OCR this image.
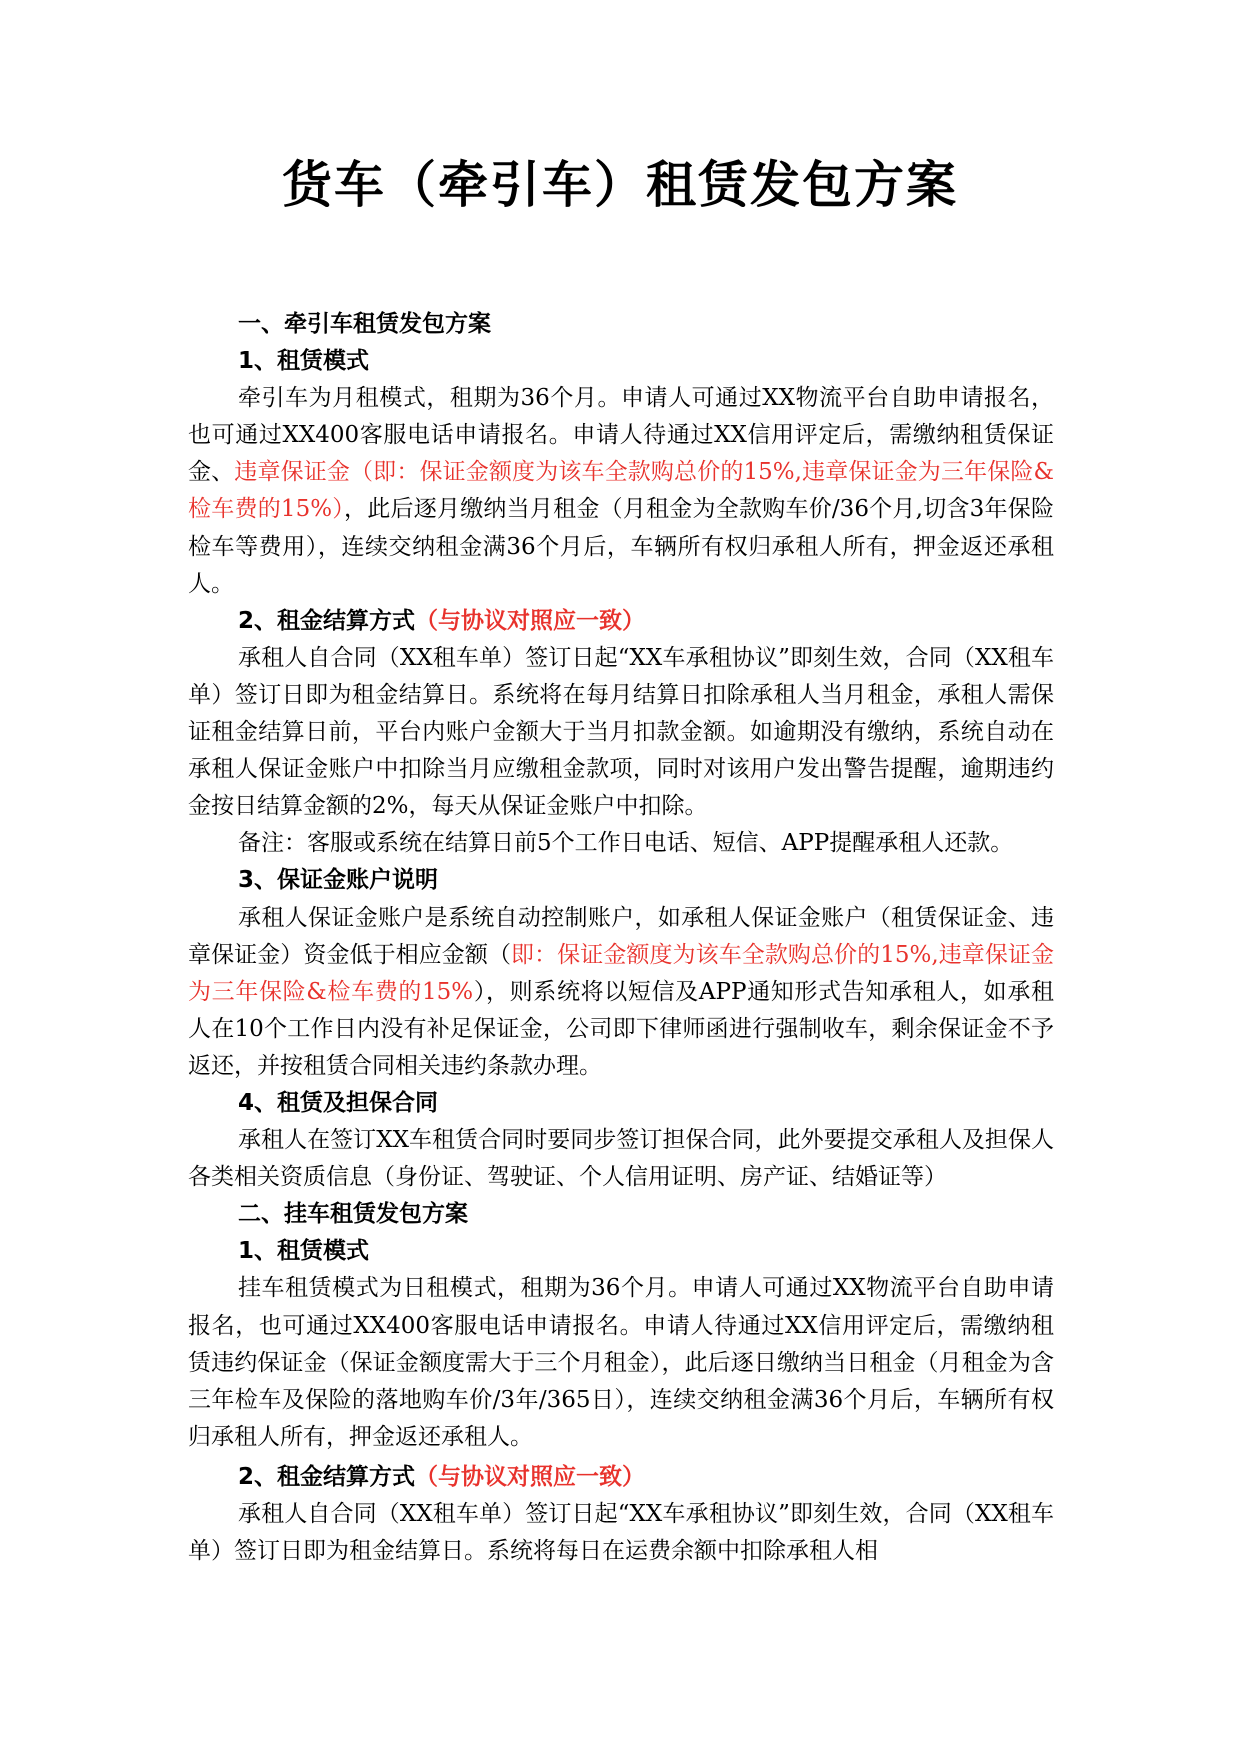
货车（牵引车）租赁发包方案

一、牵引车租赁发包方案

1、租赁模式

牵引车为月租模式，租期为36个月。申请人可通过XX物流平台自助申请报名，也可通过XX400客服电话申请报名。申请人待通过XX信用评定后，需缴纳租赁保证金、违章保证金（即：保证金额度为该车全款购总价的15%,违章保证金为三年保险&检车费的15%），此后逐月缴纳当月租金（月租金为全款购车价/36个月,切含3年保险检车等费用），连续交纳租金满36个月后，车辆所有权归承租人所有，押金返还承租人。

2、租金结算方式（与协议对照应一致）

承租人自合同（XX租车单）签订日起“XX车承租协议”即刻生效，合同（XX租车单）签订日即为租金结算日。系统将在每月结算日扣除承租人当月租金，承租人需保证租金结算日前，平台内账户金额大于当月扣款金额。如逾期没有缴纳，系统自动在承租人保证金账户中扣除当月应缴租金款项，同时对该用户发出警告提醒，逾期违约金按日结算金额的2%，每天从保证金账户中扣除。

备注：客服或系统在结算日前5个工作日电话、短信、APP提醒承租人还款。

3、保证金账户说明

承租人保证金账户是系统自动控制账户，如承租人保证金账户（租赁保证金、违章保证金）资金低于相应金额（即：保证金额度为该车全款购总价的15%,违章保证金为三年保险&检车费的15%），则系统将以短信及APP通知形式告知承租人，如承租人在10个工作日内没有补足保证金，公司即下律师函进行强制收车，剩余保证金不予返还，并按租赁合同相关违约条款办理。

4、租赁及担保合同

承租人在签订XX车租赁合同时要同步签订担保合同，此外要提交承租人及担保人各类相关资质信息（身份证、驾驶证、个人信用证明、房产证、结婚证等）

二、挂车租赁发包方案

1、租赁模式

挂车租赁模式为日租模式，租期为36个月。申请人可通过XX物流平台自助申请报名，也可通过XX400客服电话申请报名。申请人待通过XX信用评定后，需缴纳租赁违约保证金（保证金额度需大于三个月租金），此后逐日缴纳当日租金（月租金为含三年检车及保险的落地购车价/3年/365日），连续交纳租金满36个月后，车辆所有权归承租人所有，押金返还承租人。

2、租金结算方式（与协议对照应一致）

承租人自合同（XX租车单）签订日起“XX车承租协议”即刻生效，合同（XX租车单）签订日即为租金结算日。系统将每日在运费余额中扣除承租人相
